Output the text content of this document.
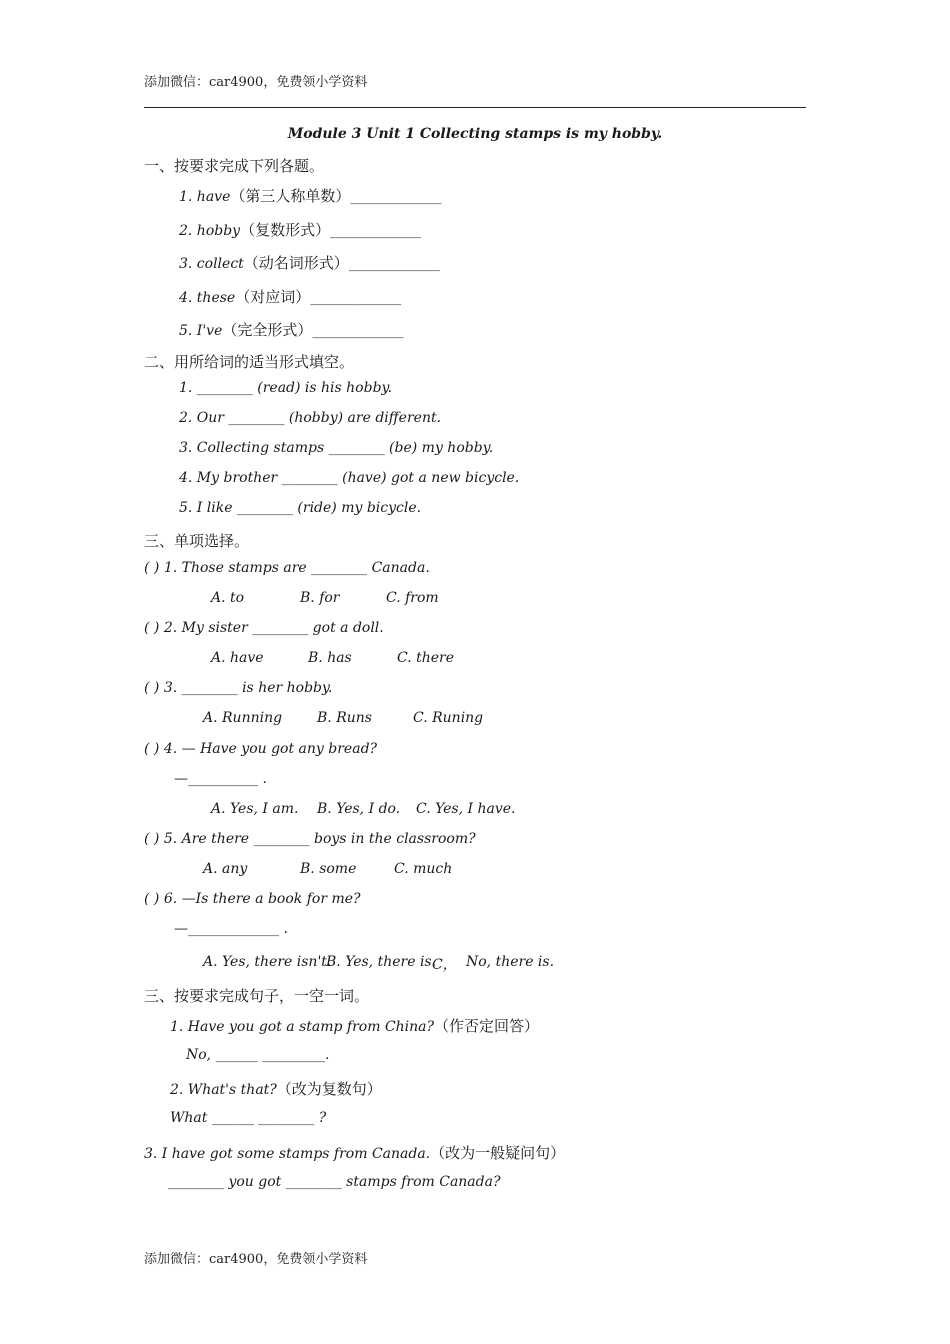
添加微信：car4900，免费领小学资料
Module 3 Unit 1 Collecting stamps is my hobby.
一、按要求完成下列各题。
1. have（第三人称单数）_____________
2. hobby（复数形式）_____________
3. collect（动名词形式）_____________
4. these（对应词）_____________
5. I've（完全形式）_____________
二、用所给词的适当形式填空。
1. ________ (read) is his hobby.
2. Our ________ (hobby) are different.
3. Collecting stamps ________ (be) my hobby.
4. My brother ________ (have) got a new bicycle.
5. I like ________ (ride) my bicycle.
三、单项选择。
( ) 1. Those stamps are ________ Canada.
A. to	B. for	C. from
( ) 2. My sister ________ got a doll.
A. have	B. has	C. there
( ) 3. ________ is her hobby.
A. Running B. Runs	C. Runing
( ) 4. — Have you got any bread?
—__________ .
A. Yes, I am. B. Yes, I do. C. Yes, I have.
( ) 5. Are there ________ boys in the classroom?
A. any	B. some	C. much
( ) 6. —Is there a book for me?
—_____________ .
A. Yes, there isn't.
B. Yes, there is.
C， No, there is.
三、按要求完成句子，一空一词。
1. Have you got a stamp from China?（作否定回答）
No, ______ _________.
2. What's that?（改为复数句）
What ______ ________ ?
3. I have got some stamps from Canada.（改为一般疑问句）
________ you got ________ stamps from Canada?
添加微信：car4900，免费领小学资料
